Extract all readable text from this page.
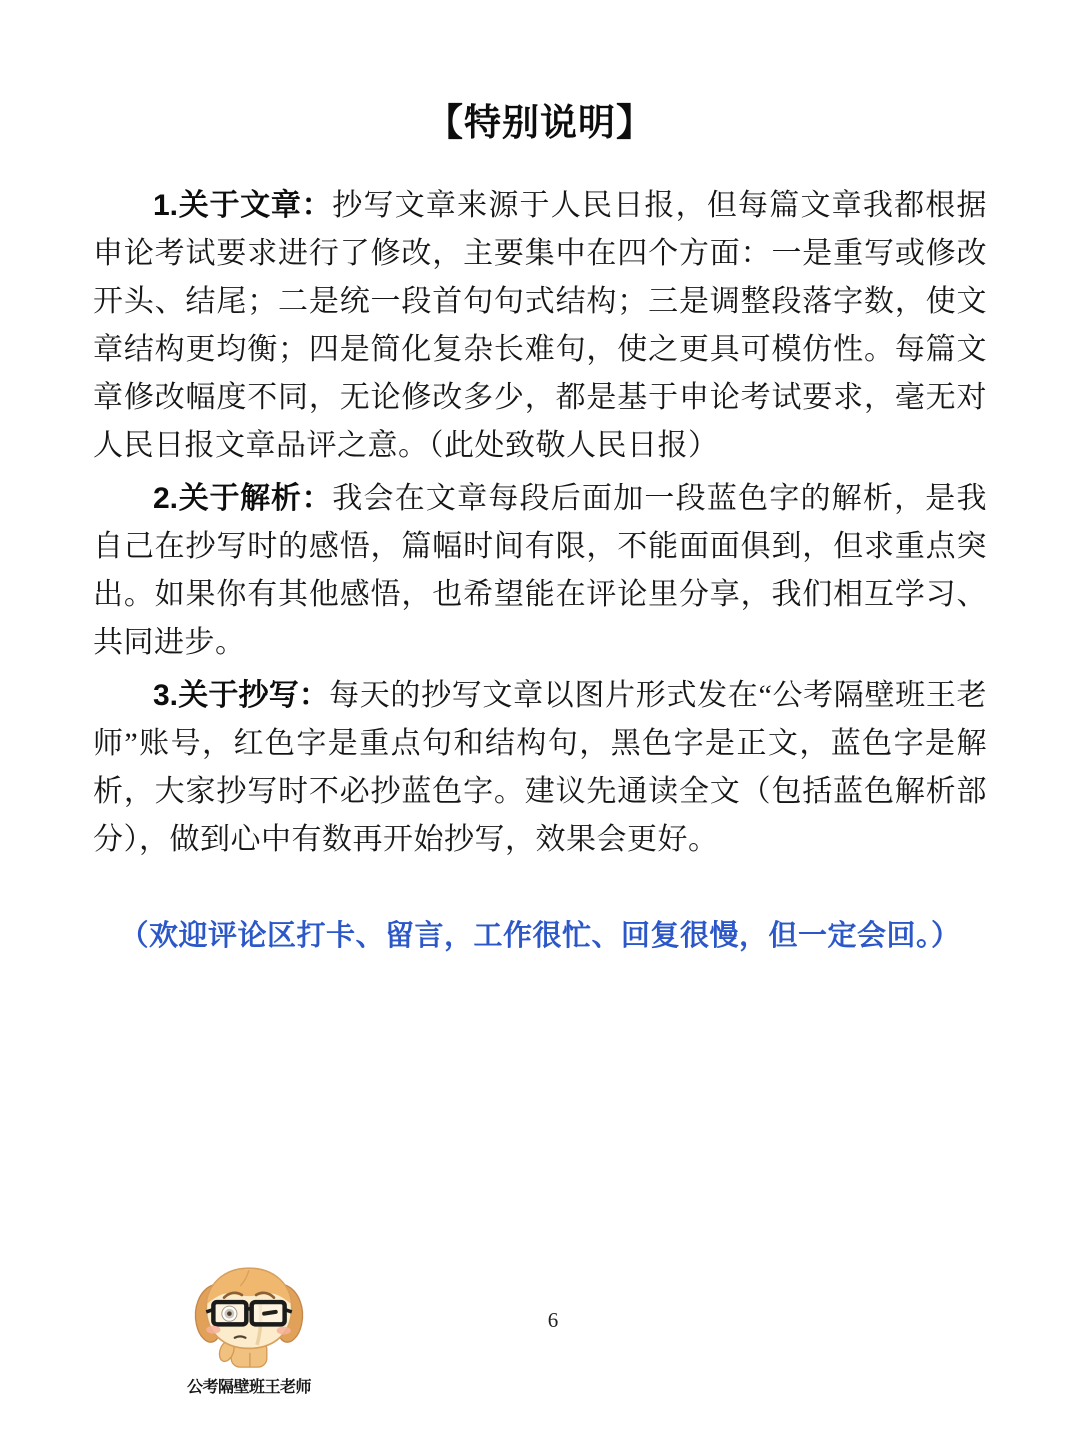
【特别说明】

1.关于文章：抄写文章来源于人民日报，但每篇文章我都根据申论考试要求进行了修改，主要集中在四个方面：一是重写或修改开头、结尾；二是统一段首句句式结构；三是调整段落字数，使文章结构更均衡；四是简化复杂长难句，使之更具可模仿性。每篇文章修改幅度不同，无论修改多少，都是基于申论考试要求，毫无对人民日报文章品评之意。（此处致敬人民日报）

2.关于解析：我会在文章每段后面加一段蓝色字的解析，是我自己在抄写时的感悟，篇幅时间有限，不能面面俱到，但求重点突出。如果你有其他感悟，也希望能在评论里分享，我们相互学习、共同进步。

3.关于抄写：每天的抄写文章以图片形式发在“公考隔壁班王老师”账号，红色字是重点句和结构句，黑色字是正文，蓝色字是解析，大家抄写时不必抄蓝色字。建议先通读全文（包括蓝色解析部分），做到心中有数再开始抄写，效果会更好。

（欢迎评论区打卡、留言，工作很忙、回复很慢，但一定会回。）
公考隔壁班王老师
6
